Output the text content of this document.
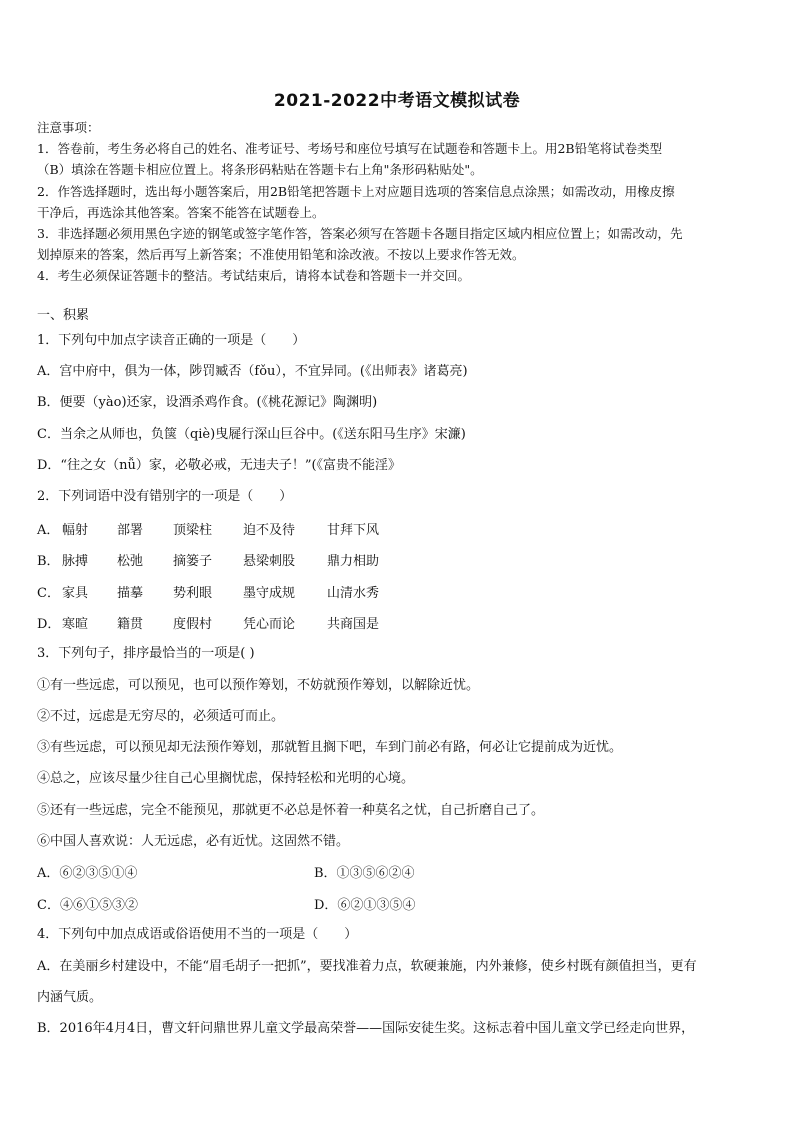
2021-2022中考语文模拟试卷
注意事项：
1．答卷前，考生务必将自己的姓名、准考证号、考场号和座位号填写在试题卷和答题卡上。用2B铅笔将试卷类型
（B）填涂在答题卡相应位置上。将条形码粘贴在答题卡右上角"条形码粘贴处"。
2．作答选择题时，选出每小题答案后，用2B铅笔把答题卡上对应题目选项的答案信息点涂黑；如需改动，用橡皮擦
干净后，再选涂其他答案。答案不能答在试题卷上。
3．非选择题必须用黑色字迹的钢笔或签字笔作答，答案必须写在答题卡各题目指定区域内相应位置上；如需改动，先
划掉原来的答案，然后再写上新答案；不准使用铅笔和涂改液。不按以上要求作答无效。
4．考生必须保证答题卡的整洁。考试结束后，请将本试卷和答题卡一并交回。
一、积累
1．下列句中加点字读音正确的一项是（　　）
A．宫中府中，俱为一体，陟罚臧否（fǒu），不宜异同。(《出师表》诸葛亮)
B．便要（yào)还家，设酒杀鸡作食。(《桃花源记》陶渊明)
C．当余之从师也，负箧（qiè)曳屣行深山巨谷中。(《送东阳马生序》宋濂)
D．“往之女（nǚ）家，必敬必戒，无违夫子！”(《富贵不能淫》
2．下列词语中没有错别字的一项是（　　）
A． 幅射 部署 顶梁柱 迫不及待 甘拜下风
B． 脉搏 松弛 摘篓子 悬梁刺股 鼎力相助
C． 家具 描摹 势利眼 墨守成规 山清水秀
D． 寒暄 籍贯 度假村 凭心而论 共商国是
3．下列句子，排序最恰当的一项是( )
①有一些远虑，可以预见，也可以预作筹划，不妨就预作筹划，以解除近忧。
②不过，远虑是无穷尽的，必须适可而止。
③有些远虑，可以预见却无法预作筹划，那就暂且搁下吧，车到门前必有路，何必让它提前成为近忧。
④总之，应该尽量少往自己心里搁忧虑，保持轻松和光明的心境。
⑤还有一些远虑，完全不能预见，那就更不必总是怀着一种莫名之忧，自己折磨自己了。
⑥中国人喜欢说：人无远虑，必有近忧。这固然不错。
A．⑥②③⑤①④	B．①③⑤⑥②④
C．④⑥①⑤③②	D．⑥②①③⑤④
4．下列句中加点成语或俗语使用不当的一项是（　　）
A．在美丽乡村建设中，不能“眉毛胡子一把抓”，要找准着力点，软硬兼施，内外兼修，使乡村既有颜值担当，更有
内涵气质。
B．2016年4月4日，曹文轩问鼎世界儿童文学最高荣誉——国际安徒生奖。这标志着中国儿童文学已经走向世界，
